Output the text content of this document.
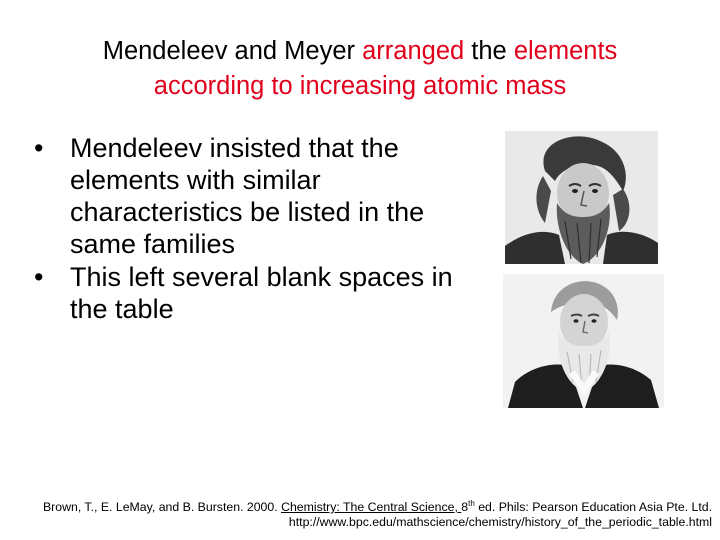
Mendeleev and Meyer arranged the elements
according to increasing atomic mass
• Mendeleev insisted that the elements with similar characteristics be listed in the same families
• This left several blank spaces in the table
Brown, T., E. LeMay, and B. Bursten. 2000. Chemistry: The Central Science, 8th ed. Phils: Pearson Education Asia Pte. Ltd.
http://www.bpc.edu/mathscience/chemistry/history_of_the_periodic_table.html
